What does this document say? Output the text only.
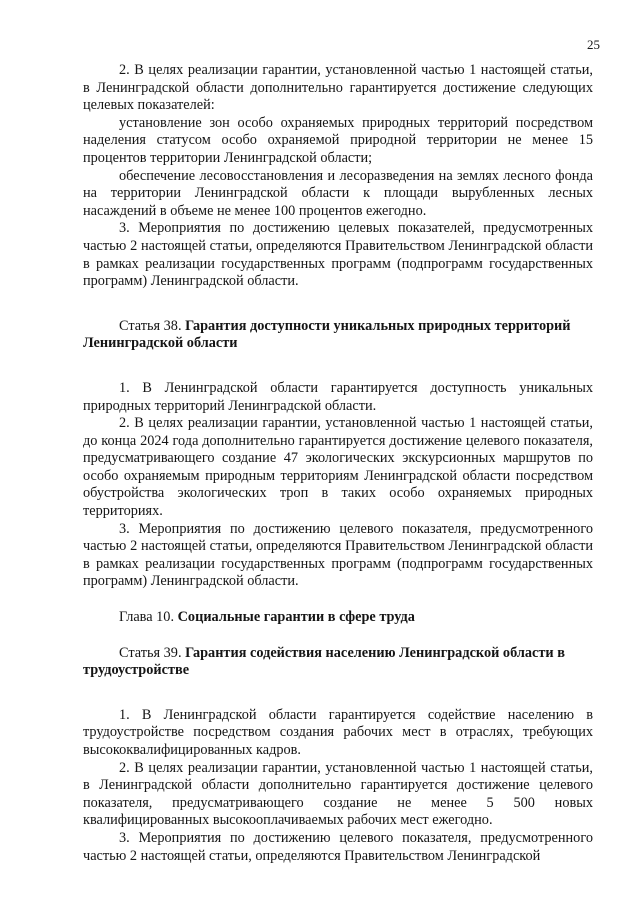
25

2. В целях реализации гарантии, установленной частью 1 настоящей статьи, в Ленинградской области дополнительно гарантируется достижение следующих целевых показателей:

установление зон особо охраняемых природных территорий посредством наделения статусом особо охраняемой природной территории не менее 15 процентов территории Ленинградской области;

обеспечение лесовосстановления и лесоразведения на землях лесного фонда на территории Ленинградской области к площади вырубленных лесных насаждений в объеме не менее 100 процентов ежегодно.

3. Мероприятия по достижению целевых показателей, предусмотренных частью 2 настоящей статьи, определяются Правительством Ленинградской области в рамках реализации государственных программ (подпрограмм государственных программ) Ленинградской области.

Статья 38. Гарантия доступности уникальных природных территорий Ленинградской области

1. В Ленинградской области гарантируется доступность уникальных природных территорий Ленинградской области.

2. В целях реализации гарантии, установленной частью 1 настоящей статьи, до конца 2024 года дополнительно гарантируется достижение целевого показателя, предусматривающего создание 47 экологических экскурсионных маршрутов по особо охраняемым природным территориям Ленинградской области посредством обустройства экологических троп в таких особо охраняемых природных территориях.

3. Мероприятия по достижению целевого показателя, предусмотренного частью 2 настоящей статьи, определяются Правительством Ленинградской области в рамках реализации государственных программ (подпрограмм государственных программ) Ленинградской области.

Глава 10. Социальные гарантии в сфере труда

Статья 39. Гарантия содействия населению Ленинградской области в трудоустройстве

1. В Ленинградской области гарантируется содействие населению в трудоустройстве посредством создания рабочих мест в отраслях, требующих высококвалифицированных кадров.

2. В целях реализации гарантии, установленной частью 1 настоящей статьи, в Ленинградской области дополнительно гарантируется достижение целевого показателя, предусматривающего создание не менее 5 500 новых квалифицированных высокооплачиваемых рабочих мест ежегодно.

3. Мероприятия по достижению целевого показателя, предусмотренного частью 2 настоящей статьи, определяются Правительством Ленинградской
